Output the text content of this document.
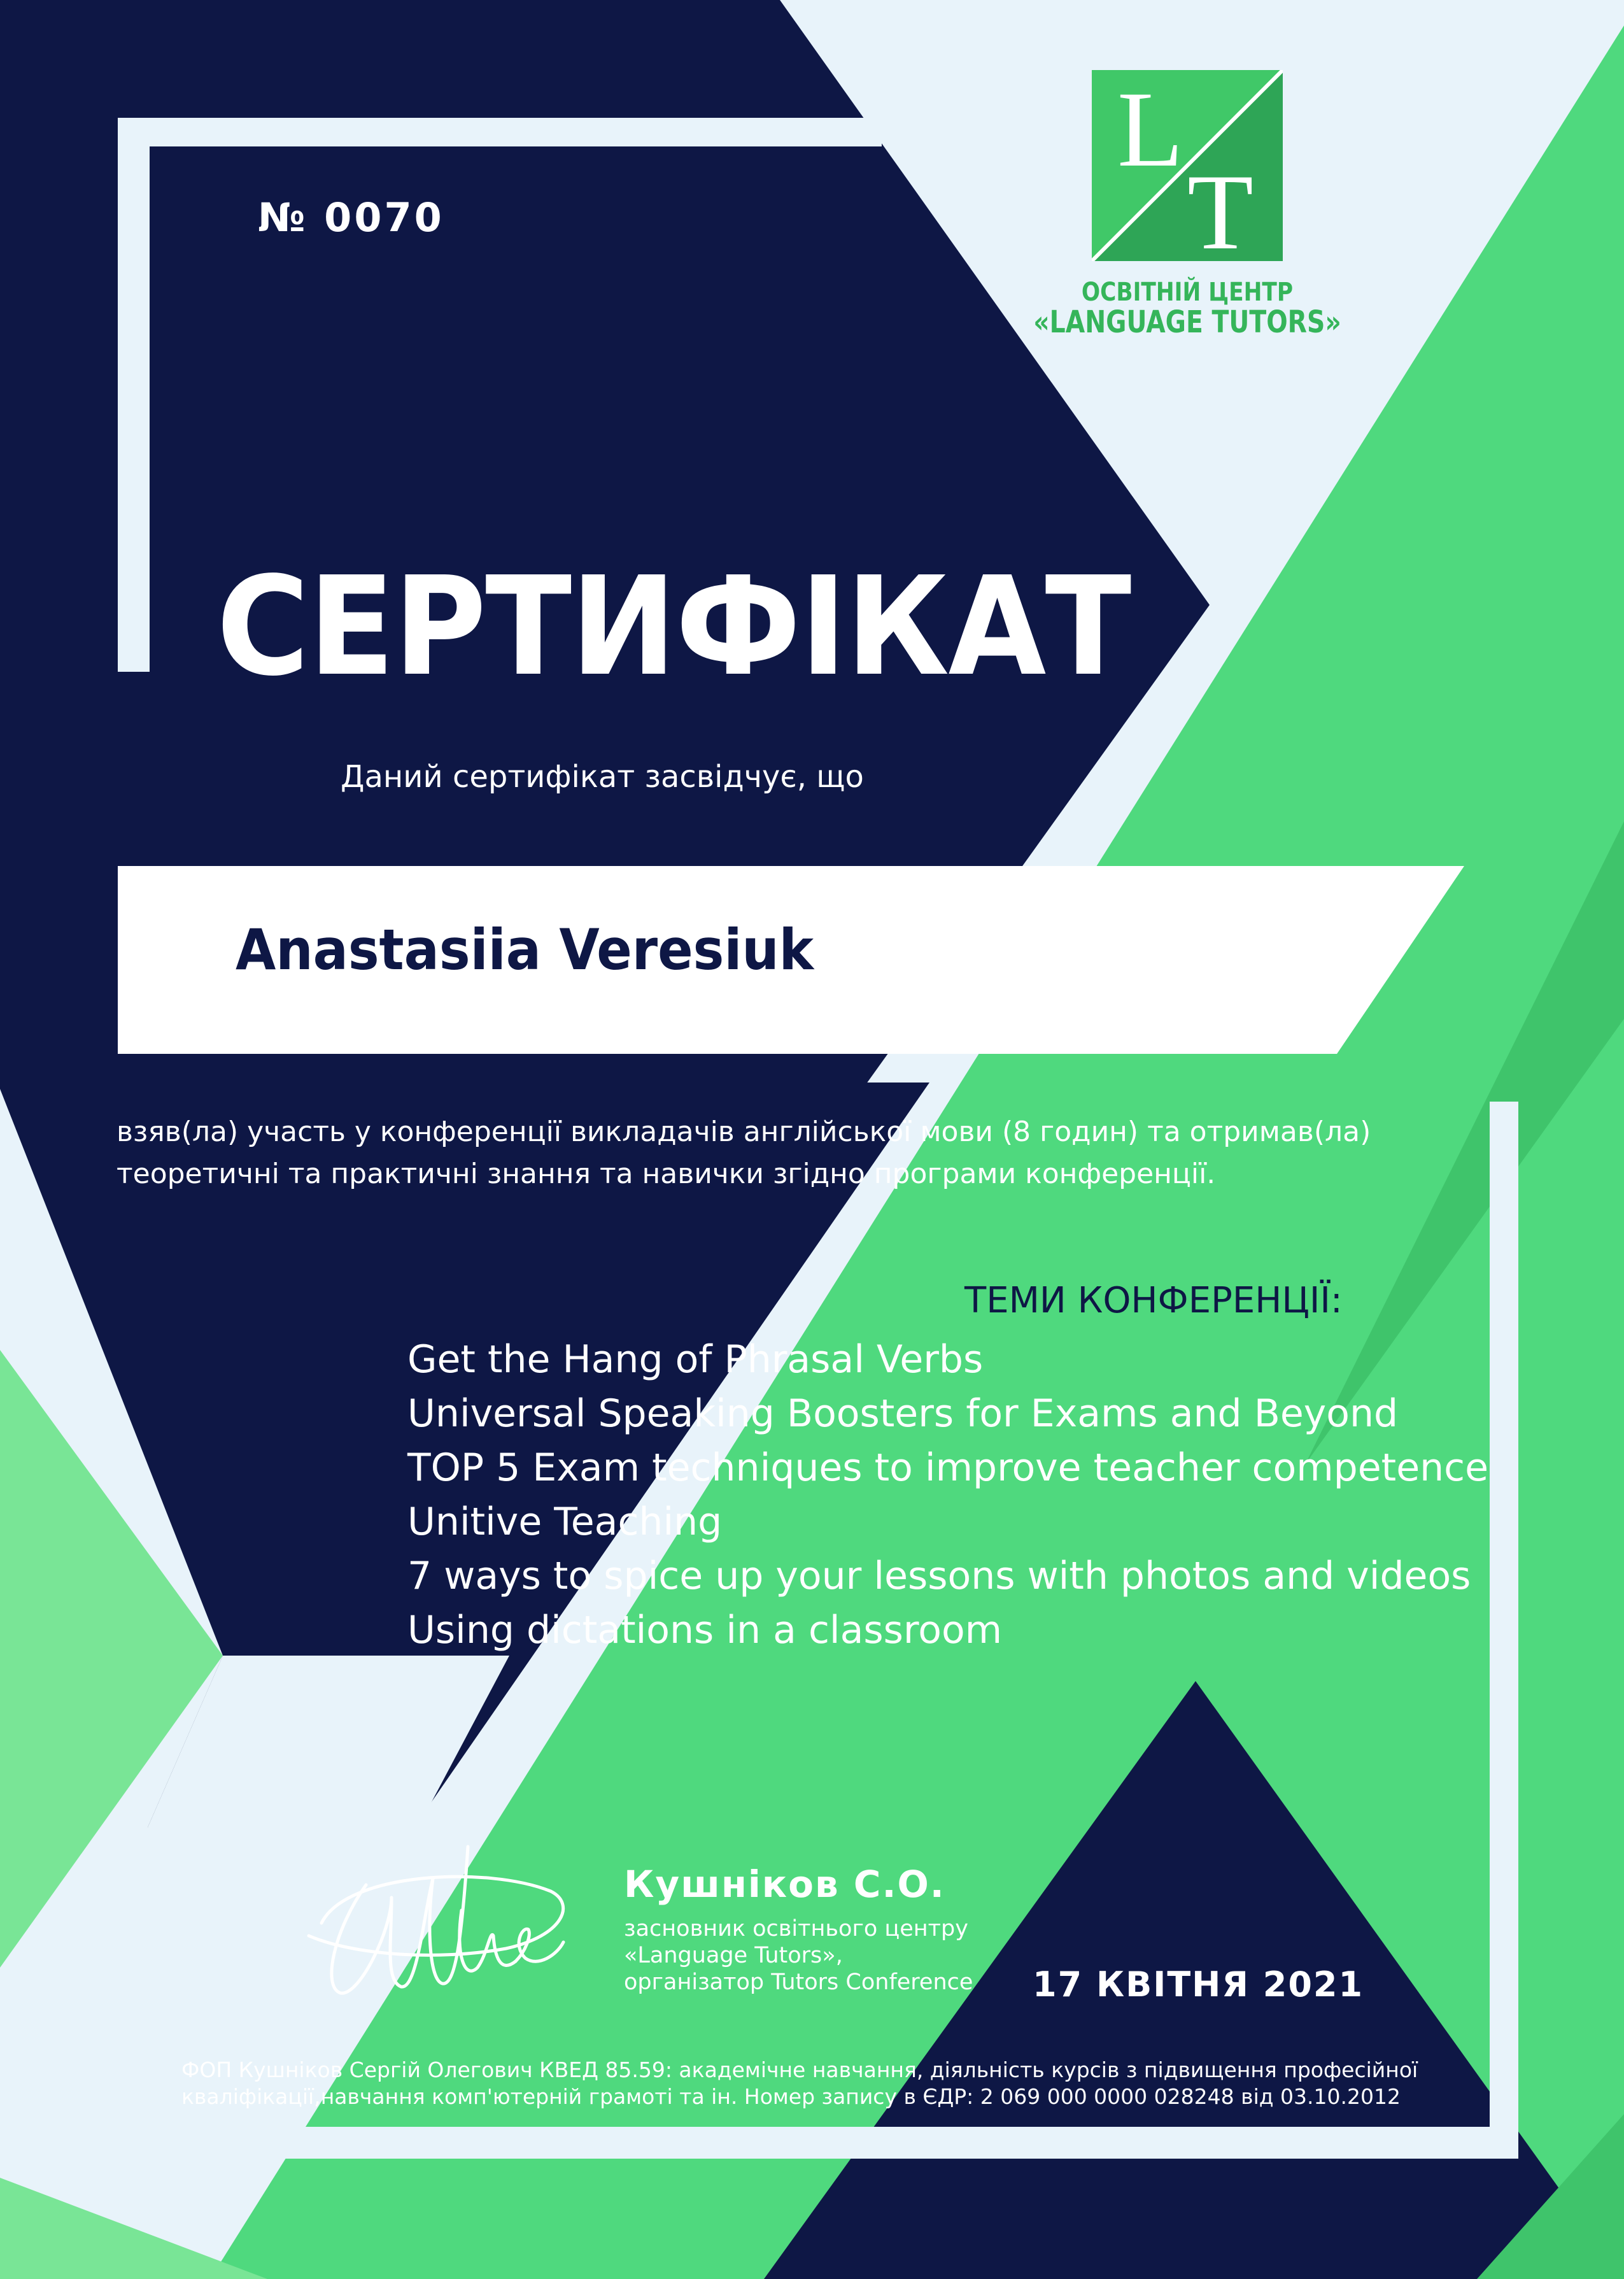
№ 0070
L
T
ОСВІТНІЙ ЦЕНТР
«LANGUAGE TUTORS»
СЕРТИФІКАТ
Даний сертифікат засвідчує, що
Anastasiia Veresiuk
взяв(ла) участь у конференції викладачів англійської мови (8 годин) та отримав(ла)
теоретичні та практичні знання та навички згідно програми конференції.
ТЕМИ КОНФЕРЕНЦІЇ:
Get the Hang of Phrasal Verbs
Universal Speaking Boosters for Exams and Beyond
TOP 5 Exam techniques to improve teacher competence
Unitive Teaching
7 ways to spice up your lessons with photos and videos
Using dictations in a classroom
Кушніков С.О.
засновник освітнього центру
«Language Tutors»,
організатор Tutors Conference 17 КВІТНЯ 2021
ФОП Кушніков Сергій Олегович КВЕД 85.59: академічне навчання, діяльність курсів з підвищення професійної
кваліфікації,навчання комп'ютерній грамоті та ін. Номер запису в ЄДР: 2 069 000 0000 028248 від 03.10.2012
